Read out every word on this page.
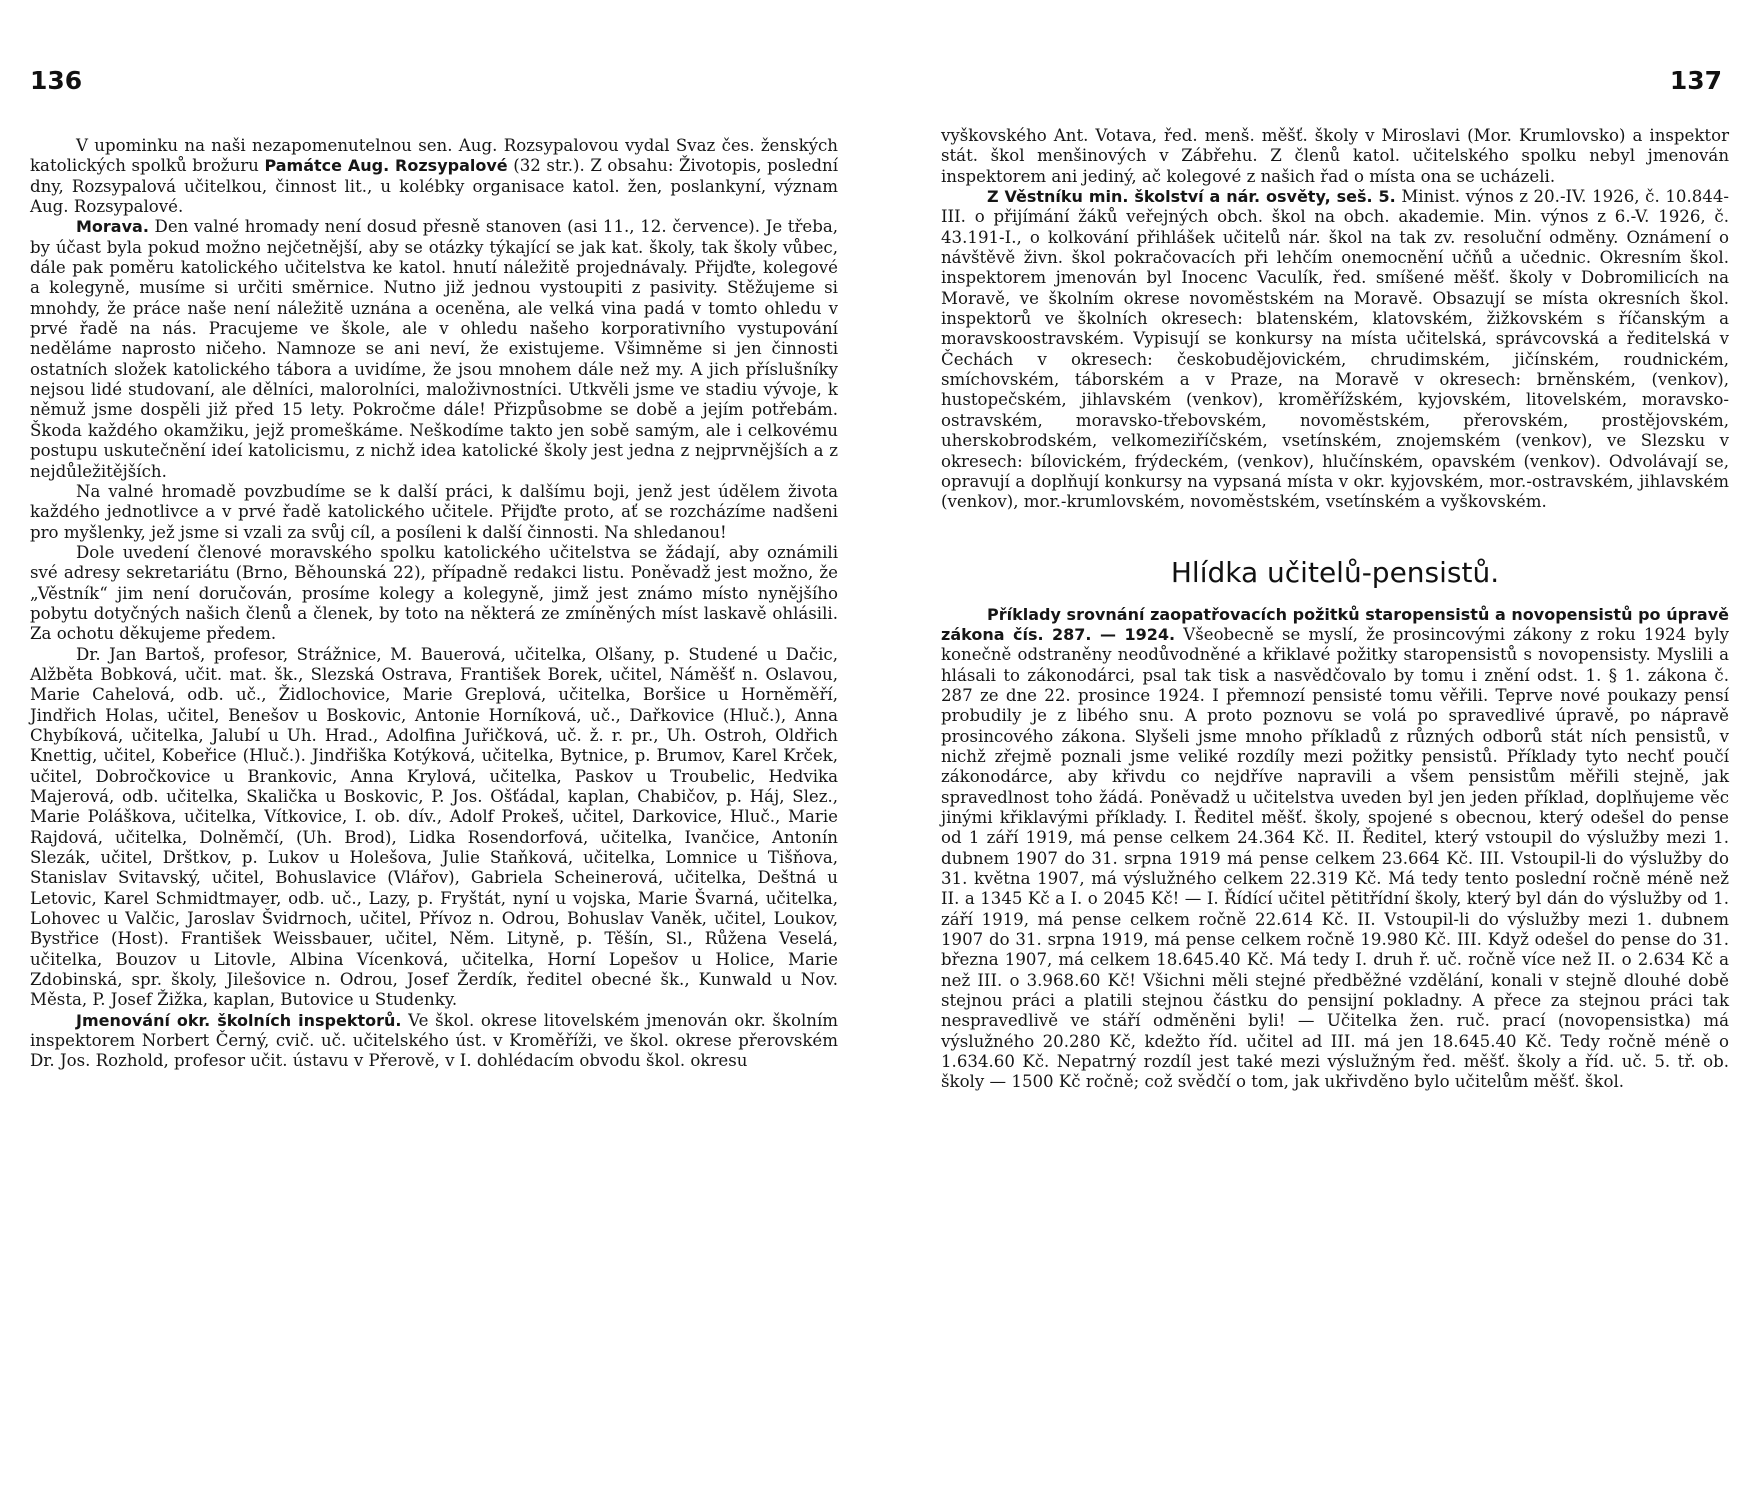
136

V upominku na naši nezapomenutelnou sen. Aug. Rozsypalovou vydal Svaz čes. ženských katolických spolků brožuru Památce Aug. Rozsypalové (32 str.). Z obsahu: Životopis, poslední dny, Rozsypalová učitelkou, činnost lit., u kolébky organisace katol. žen, poslankyní, význam Aug. Rozsypalové.

Morava. Den valné hromady není dosud přesně stanoven (asi 11., 12. července). Je třeba, by účast byla pokud možno nejčetnější, aby se otázky týkající se jak kat. školy, tak školy vůbec, dále pak poměru katolického učitelstva ke katol. hnutí náležitě projednávaly. Přijďte, kolegové a kolegyně, musíme si určiti směrnice. Nutno již jednou vystoupiti z pasivity. Stěžujeme si mnohdy, že práce naše není náležitě uznána a oceněna, ale velká vina padá v tomto ohledu v prvé řadě na nás. Pracujeme ve škole, ale v ohledu našeho korporativního vystupování neděláme naprosto ničeho. Namnoze se ani neví, že existujeme. Všimněme si jen činnosti ostatních složek katolického tábora a uvidíme, že jsou mnohem dále než my. A jich příslušníky nejsou lidé studovaní, ale dělníci, malorolníci, maloživnostníci. Utkvěli jsme ve stadiu vývoje, k němuž jsme dospěli již před 15 lety. Pokročme dále! Přizpůsobme se době a jejím potřebám. Škoda každého okamžiku, jejž promeškáme. Neškodíme takto jen sobě samým, ale i celkovému postupu uskutečnění ideí katolicismu, z nichž idea katolické školy jest jedna z nejprvnějších a z nejdůležitějších.

Na valné hromadě povzbudíme se k další práci, k dalšímu boji, jenž jest údělem života každého jednotlivce a v prvé řadě katolického učitele. Přijďte proto, ať se rozcházíme nadšeni pro myšlenky, jež jsme si vzali za svůj cíl, a posíleni k další činnosti. Na shledanou!

Dole uvedení členové moravského spolku katolického učitelstva se žádají, aby oznámili své adresy sekretariátu (Brno, Běhounská 22), případně redakci listu. Poněvadž jest možno, že „Věstník“ jim není doručován, prosíme kolegy a kolegyně, jimž jest známo místo nynějšího pobytu dotyčných našich členů a členek, by toto na některá ze zmíněných míst laskavě ohlásili. Za ochotu děkujeme předem.

Dr. Jan Bartoš, profesor, Strážnice, M. Bauerová, učitelka, Olšany, p. Studené u Dačic, Alžběta Bobková, učit. mat. šk., Slezská Ostrava, František Borek, učitel, Náměšť n. Oslavou, Marie Cahelová, odb. uč., Židlochovice, Marie Greplová, učitelka, Boršice u Horněměří, Jindřich Holas, učitel, Benešov u Boskovic, Antonie Horníková, uč., Dařkovice (Hluč.), Anna Chybíková, učitelka, Jalubí u Uh. Hrad., Adolfina Juřičková, uč. ž. r. pr., Uh. Ostroh, Oldřich Knettig, učitel, Kobeřice (Hluč.). Jindřiška Kotýková, učitelka, Bytnice, p. Brumov, Karel Krček, učitel, Dobročkovice u Brankovic, Anna Krylová, učitelka, Paskov u Troubelic, Hedvika Majerová, odb. učitelka, Skalička u Boskovic, P. Jos. Ošťádal, kaplan, Chabičov, p. Háj, Slez., Marie Poláškova, učitelka, Vítkovice, I. ob. dív., Adolf Prokeš, učitel, Darkovice, Hluč., Marie Rajdová, učitelka, Dolněmčí, (Uh. Brod), Lidka Rosendorfová, učitelka, Ivančice, Antonín Slezák, učitel, Drštkov, p. Lukov u Holešova, Julie Staňková, učitelka, Lomnice u Tišňova, Stanislav Svitavský, učitel, Bohuslavice (Vlářov), Gabriela Scheinerová, učitelka, Deštná u Letovic, Karel Schmidtmayer, odb. uč., Lazy, p. Fryštát, nyní u vojska, Marie Švarná, učitelka, Lohovec u Valčic, Jaroslav Švidrnoch, učitel, Přívoz n. Odrou, Bohuslav Vaněk, učitel, Loukov, Bystřice (Host). František Weissbauer, učitel, Něm. Lityně, p. Těšín, Sl., Růžena Veselá, učitelka, Bouzov u Litovle, Albina Vícenková, učitelka, Horní Lopešov u Holice, Marie Zdobinská, spr. školy, Jilešovice n. Odrou, Josef Žerdík, ředitel obecné šk., Kunwald u Nov. Města, P. Josef Žižka, kaplan, Butovice u Studenky.

Jmenování okr. školních inspektorů. Ve škol. okrese litovelském jmenován okr. školním inspektorem Norbert Černý, cvič. uč. učitelského úst. v Kroměříži, ve škol. okrese přerovském Dr. Jos. Rozhold, profesor učit. ústavu v Přerově, v I. dohlédacím obvodu škol. okresu

137

vyškovského Ant. Votava, řed. menš. měšť. školy v Miroslavi (Mor. Krumlovsko) a inspektor stát. škol menšinových v Zábřehu. Z členů katol. učitelského spolku nebyl jmenován inspektorem ani jediný, ač kolegové z našich řad o místa ona se ucházeli.

Z Věstníku min. školství a nár. osvěty, seš. 5. Minist. výnos z 20.-IV. 1926, č. 10.844-III. o přijímání žáků veřejných obch. škol na obch. akademie. Min. výnos z 6.-V. 1926, č. 43.191-I., o kolkování přihlášek učitelů nár. škol na tak zv. resoluční odměny. Oznámení o návštěvě živn. škol pokračovacích při lehčím onemocnění učňů a učednic. Okresním škol. inspektorem jmenován byl Inocenc Vaculík, řed. smíšené měšť. školy v Dobromilicích na Moravě, ve školním okrese novoměstském na Moravě. Obsazují se místa okresních škol. inspektorů ve školních okresech: blatenském, klatovském, žižkovském s říčanským a moravskoostravském. Vypisují se konkursy na místa učitelská, správcovská a ředitelská v Čechách v okresech: českobudějovickém, chrudimském, jičínském, roudnickém, smíchovském, táborském a v Praze, na Moravě v okresech: brněnském, (venkov), hustopečském, jihlavském (venkov), kroměřížském, kyjovském, litovelském, moravsko-ostravském, moravsko-třebovském, novoměstském, přerovském, prostějovském, uherskobrodském, velkomeziříčském, vsetínském, znojemském (venkov), ve Slezsku v okresech: bílovickém, frýdeckém, (venkov), hlučínském, opavském (venkov). Odvolávají se, opravují a doplňují konkursy na vypsaná místa v okr. kyjovském, mor.-ostravském, jihlavském (venkov), mor.-krumlovském, novoměstském, vsetínském a vyškovském.

Hlídka učitelů-pensistů.

Příklady srovnání zaopatřovacích požitků staropensistů a novopensistů po úpravě zákona čís. 287. — 1924. Všeobecně se myslí, že prosincovými zákony z roku 1924 byly konečně odstraněny neodůvodněné a křiklavé požitky staropensistů s novopensisty. Myslili a hlásali to zákonodárci, psal tak tisk a nasvědčovalo by tomu i znění odst. 1. § 1. zákona č. 287 ze dne 22. prosince 1924. I přemnozí pensisté tomu věřili. Teprve nové poukazy pensí probudily je z libého snu. A proto poznovu se volá po spravedlivé úpravě, po nápravě prosincového zákona. Slyšeli jsme mnoho příkladů z různých odborů stát ních pensistů, v nichž zřejmě poznali jsme veliké rozdíly mezi požitky pensistů. Příklady tyto nechť poučí zákonodárce, aby křivdu co nejdříve napravili a všem pensistům měřili stejně, jak spravedlnost toho žádá. Poněvadž u učitelstva uveden byl jen jeden příklad, doplňujeme věc jinými křiklavými příklady. I. Ředitel měšť. školy, spojené s obecnou, který odešel do pense od 1 září 1919, má pense celkem 24.364 Kč. II. Ředitel, který vstoupil do výslužby mezi 1. dubnem 1907 do 31. srpna 1919 má pense celkem 23.664 Kč. III. Vstoupil-li do výslužby do 31. května 1907, má výslužného celkem 22.319 Kč. Má tedy tento poslední ročně méně než II. a 1345 Kč a I. o 2045 Kč! — I. Řídící učitel pětitřídní školy, který byl dán do výslužby od 1. září 1919, má pense celkem ročně 22.614 Kč. II. Vstoupil-li do výslužby mezi 1. dubnem 1907 do 31. srpna 1919, má pense celkem ročně 19.980 Kč. III. Když odešel do pense do 31. března 1907, má celkem 18.645.40 Kč. Má tedy I. druh ř. uč. ročně více než II. o 2.634 Kč a než III. o 3.968.60 Kč! Všichni měli stejné předběžné vzdělání, konali v stejně dlouhé době stejnou práci a platili stejnou částku do pensijní pokladny. A přece za stejnou práci tak nespravedlivě ve stáří odměněni byli! — Učitelka žen. ruč. prací (novopensistka) má výslužného 20.280 Kč, kdežto říd. učitel ad III. má jen 18.645.40 Kč. Tedy ročně méně o 1.634.60 Kč. Nepatrný rozdíl jest také mezi výslužným řed. měšť. školy a říd. uč. 5. tř. ob. školy — 1500 Kč ročně; což svědčí o tom, jak ukřivděno bylo učitelům měšť. škol.
